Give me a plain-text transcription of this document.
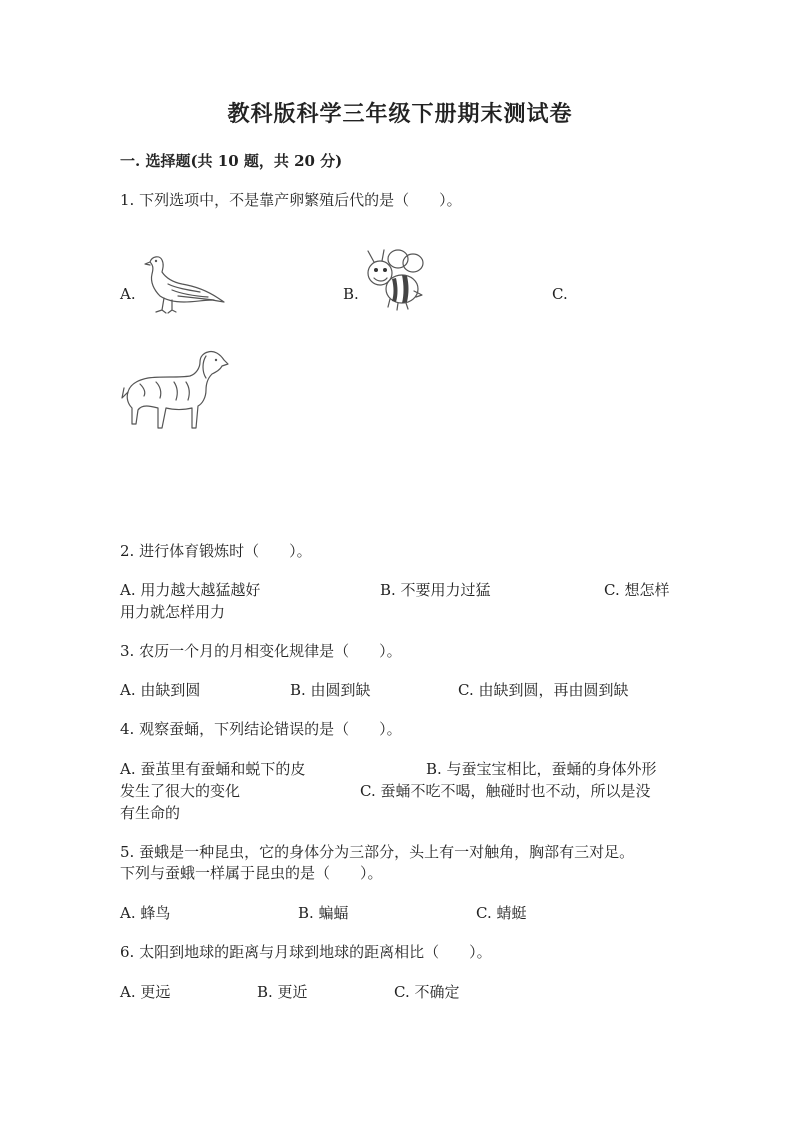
教科版科学三年级下册期末测试卷
一. 选择题(共 10 题，共 20 分)
1. 下列选项中，不是靠产卵繁殖后代的是（　　）。
A.	B.	C.
2. 进行体育锻炼时（　　）。
A. 用力越大越猛越好	B. 不要用力过猛	C. 想怎样
用力就怎样用力
3. 农历一个月的月相变化规律是（　　）。
A. 由缺到圆	B. 由圆到缺	C. 由缺到圆，再由圆到缺
4. 观察蚕蛹，下列结论错误的是（　　）。
A. 蚕茧里有蚕蛹和蜕下的皮	B. 与蚕宝宝相比，蚕蛹的身体外形
发生了很大的变化	C. 蚕蛹不吃不喝，触碰时也不动，所以是没
有生命的
5. 蚕蛾是一种昆虫，它的身体分为三部分，头上有一对触角，胸部有三对足。
下列与蚕蛾一样属于昆虫的是（　　）。
A. 蜂鸟	B. 蝙蝠	C. 蜻蜓
6. 太阳到地球的距离与月球到地球的距离相比（　　）。
A. 更远	B. 更近	C. 不确定
